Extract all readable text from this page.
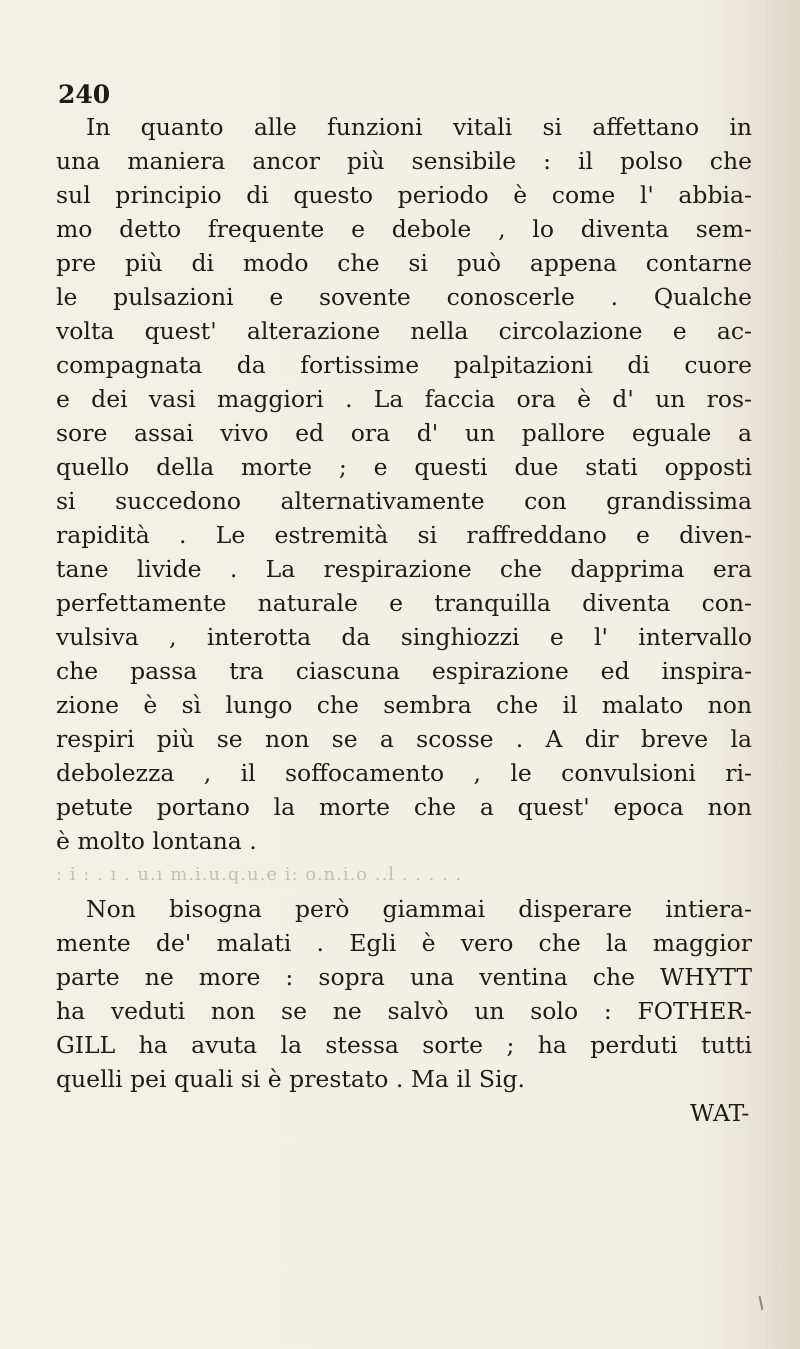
240
In quanto alle funzioni vitali si affettano in
una maniera ancor più sensibile : il polso che
sul principio di questo periodo è come l' abbia-
mo detto frequente e debole , lo diventa sem-
pre più di modo che si può appena contarne
le pulsazioni e sovente conoscerle . Qualche
volta quest' alterazione nella circolazione e ac-
compagnata da fortissime palpitazioni di cuore
e dei vasi maggiori . La faccia ora è d' un ros-
sore assai vivo ed ora d' un pallore eguale a
quello della morte ; e questi due stati opposti
si succedono alternativamente con grandissima
rapidità . Le estremità si raffreddano e diven-
tane livide . La respirazione che dapprima era
perfettamente naturale e tranquilla diventa con-
vulsiva , interotta da singhiozzi e l' intervallo
che passa tra ciascuna espirazione ed inspira-
zione è sì lungo che sembra che il malato non
respiri più se non se a scosse . A dir breve la
debolezza , il soffocamento , le convulsioni ri-
petute portano la morte che a quest' epoca non
è molto lontana .
: i : . ı . u.ı m.i.u.q.u.e i: o.n.i.o ..l . . . . .
Non bisogna però giammai disperare intiera-
mente de' malati . Egli è vero che la maggior
parte ne more : sopra una ventina che WHYTT
ha veduti non se ne salvò un solo : FOTHER-
GILL ha avuta la stessa sorte ; ha perduti tutti
quelli pei quali si è prestato . Ma il Sig.
WAT-
